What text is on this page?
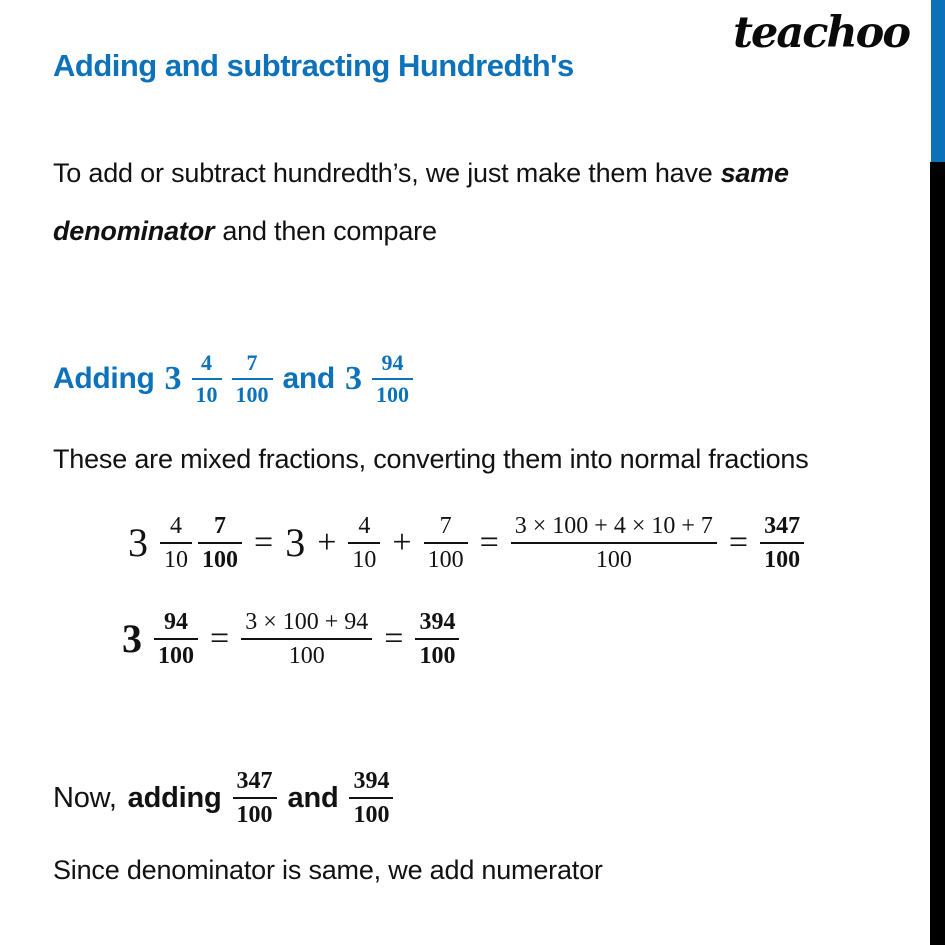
teachoo
Adding and subtracting Hundredth's
To add or subtract hundredth’s, we just make them have same
denominator and then compare
Adding $3 \frac{4}{10} \frac{7}{100}$ and $3 \frac{94}{100}$
These are mixed fractions, converting them into normal fractions
$3 \frac{4}{10} \frac{7}{100} = 3 + \frac{4}{10} + \frac{7}{100} = \frac{3 \times 100 + 4 \times 10 + 7}{100} = \frac{347}{100}$
$3 \frac{94}{100} = \frac{3 \times 100 + 94}{100} = \frac{394}{100}$
Now, adding $\frac{347}{100}$ and $\frac{394}{100}$
Since denominator is same, we add numerator
